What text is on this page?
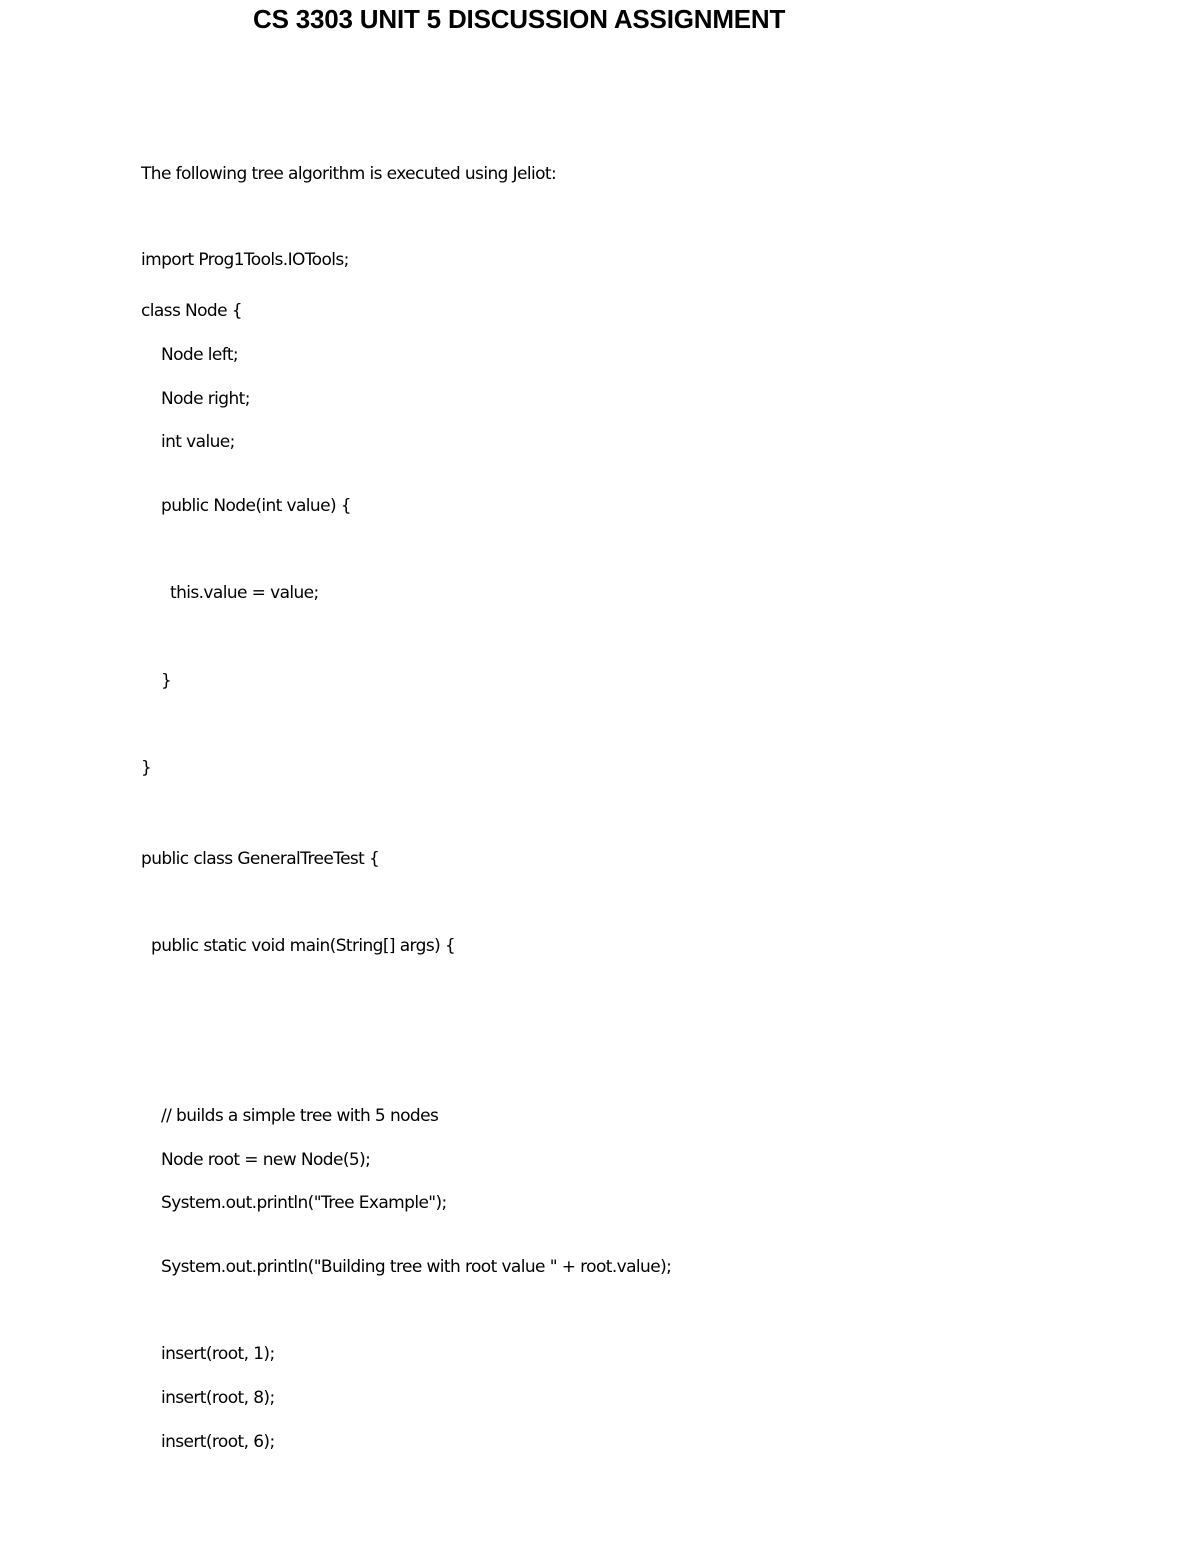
CS 3303 UNIT 5 DISCUSSION ASSIGNMENT
The following tree algorithm is executed using Jeliot:
import Prog1Tools.IOTools;
class Node {
Node left;
Node right;
int value;
public Node(int value) {
this.value = value;
}
}
public class GeneralTreeTest {
public static void main(String[] args) {
// builds a simple tree with 5 nodes
Node root = new Node(5);
System.out.println("Tree Example");
System.out.println("Building tree with root value " + root.value);
insert(root, 1);
insert(root, 8);
insert(root, 6);
